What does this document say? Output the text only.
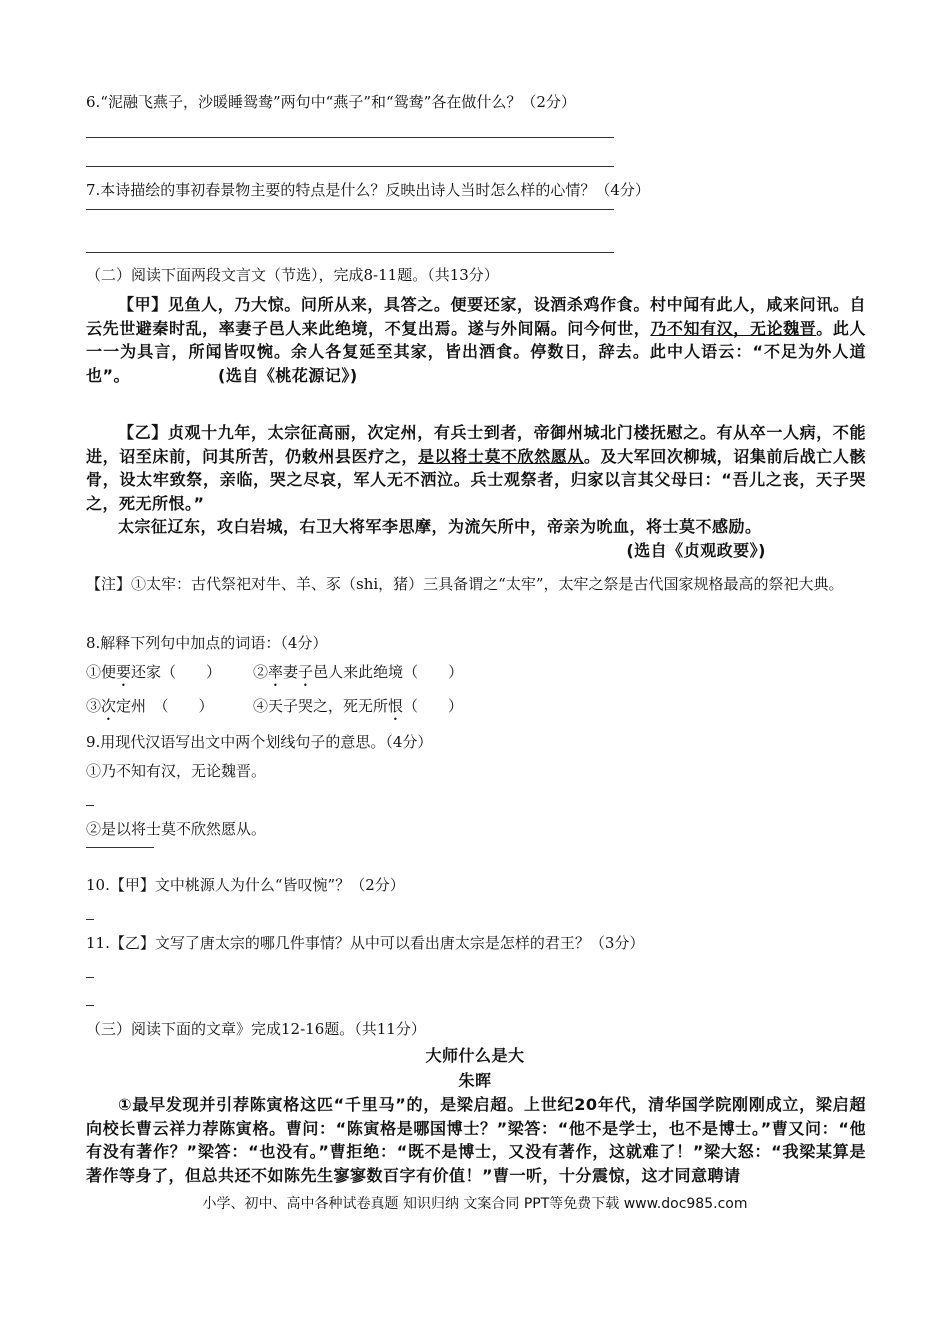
6.“泥融飞燕子，沙暖睡鸳鸯”两句中“燕子”和“鸳鸯”各在做什么？（2分）
7.本诗描绘的事初春景物主要的特点是什么？反映出诗人当时怎么样的心情？（4分）
（二）阅读下面两段文言文（节选），完成8-11题。（共13分）

【甲】见鱼人，乃大惊。问所从来，具答之。便要还家，设酒杀鸡作食。村中闻有此人，咸来问讯。自云先世避秦时乱，率妻子邑人来此绝境，不复出焉。遂与外间隔。问今何世，乃不知有汉，无论魏晋。此人一一为具言，所闻皆叹惋。余人各复延至其家，皆出酒食。停数日，辞去。此中人语云：“不足为外人道也”。	(选自《桃花源记》)

【乙】贞观十九年，太宗征高丽，次定州，有兵士到者，帝御州城北门楼抚慰之。有从卒一人病，不能进，诏至床前，问其所苦，仍敕州县医疗之，是以将士莫不欣然愿从。及大军回次柳城，诏集前后战亡人骸骨，设太牢致祭，亲临，哭之尽哀，军人无不洒泣。兵士观祭者，归家以言其父母曰：“吾儿之丧，天子哭之，死无所恨。”

太宗征辽东，攻白岩城，右卫大将军李思摩，为流矢所中，帝亲为吮血，将士莫不感励。

(选自《贞观政要》)

【注】①太牢：古代祭祀对牛、羊、豕（shi，猪）三具备谓之“太牢”，太牢之祭是古代国家规格最高的祭祀大典。

8.解释下列句中加点的词语：（4分）
①便要还家（　　） ②率妻子邑人来此绝境（　　）
③次定州　（　　）	④天子哭之，死无所恨（　　）
9.用现代汉语写出文中两个划线句子的意思。（4分）
①乃不知有汉，无论魏晋。
②是以将士莫不欣然愿从。
10.【甲】文中桃源人为什么“皆叹惋”？（2分）
11.【乙】文写了唐太宗的哪几件事情？从中可以看出唐太宗是怎样的君王？（3分）
（三）阅读下面的文章》完成12-16题。（共11分）
大师什么是大
朱晖

①最早发现并引荐陈寅格这匹“千里马”的，是梁启超。上世纪20年代，清华国学院刚刚成立，梁启超向校长曹云祥力荐陈寅格。曹问：“陈寅格是哪国博士？”梁答：“他不是学士，也不是博士。”曹又问：“他有没有著作？”梁答：“也没有。”曹拒绝：“既不是博士，又没有著作，这就难了！”梁大怒：“我梁某算是著作等身了，但总共还不如陈先生寥寥数百字有价值！”曹一听，十分震惊，这才同意聘请

小学、初中、高中各种试卷真题 知识归纳 文案合同 PPT等免费下载 www.doc985.com
